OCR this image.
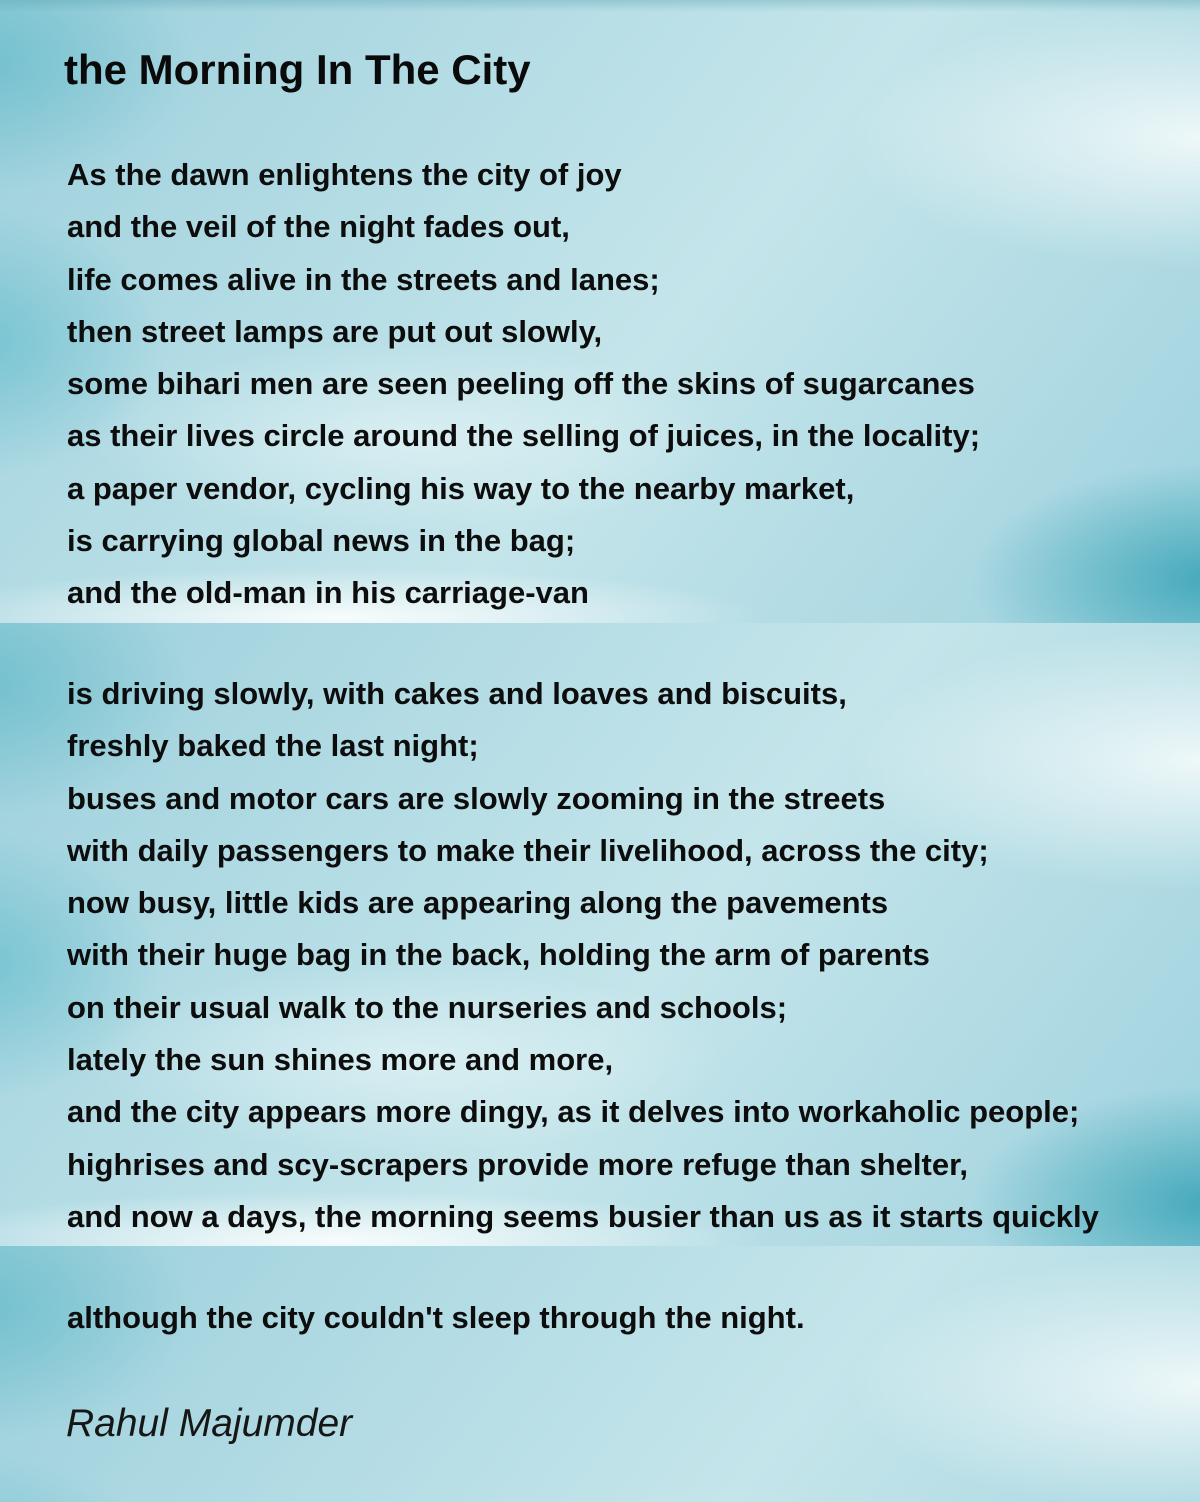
the Morning In The City
As the dawn enlightens the city of joy
and the veil of the night fades out,
life comes alive in the streets and lanes;
then street lamps are put out slowly,
some bihari men are seen peeling off the skins of sugarcanes
as their lives circle around the selling of juices, in the locality;
a paper vendor, cycling his way to the nearby market,
is carrying global news in the bag;
and the old-man in his carriage-van
is driving slowly, with cakes and loaves and biscuits,
freshly baked the last night;
buses and motor cars are slowly zooming in the streets
with daily passengers to make their livelihood, across the city;
now busy, little kids are appearing along the pavements
with their huge bag in the back, holding the arm of parents
on their usual walk to the nurseries and schools;
lately the sun shines more and more,
and the city appears more dingy, as it delves into workaholic people;
highrises and scy-scrapers provide more refuge than shelter,
and now a days, the morning seems busier than us as it starts quickly
although the city couldn't sleep through the night.
Rahul Majumder
